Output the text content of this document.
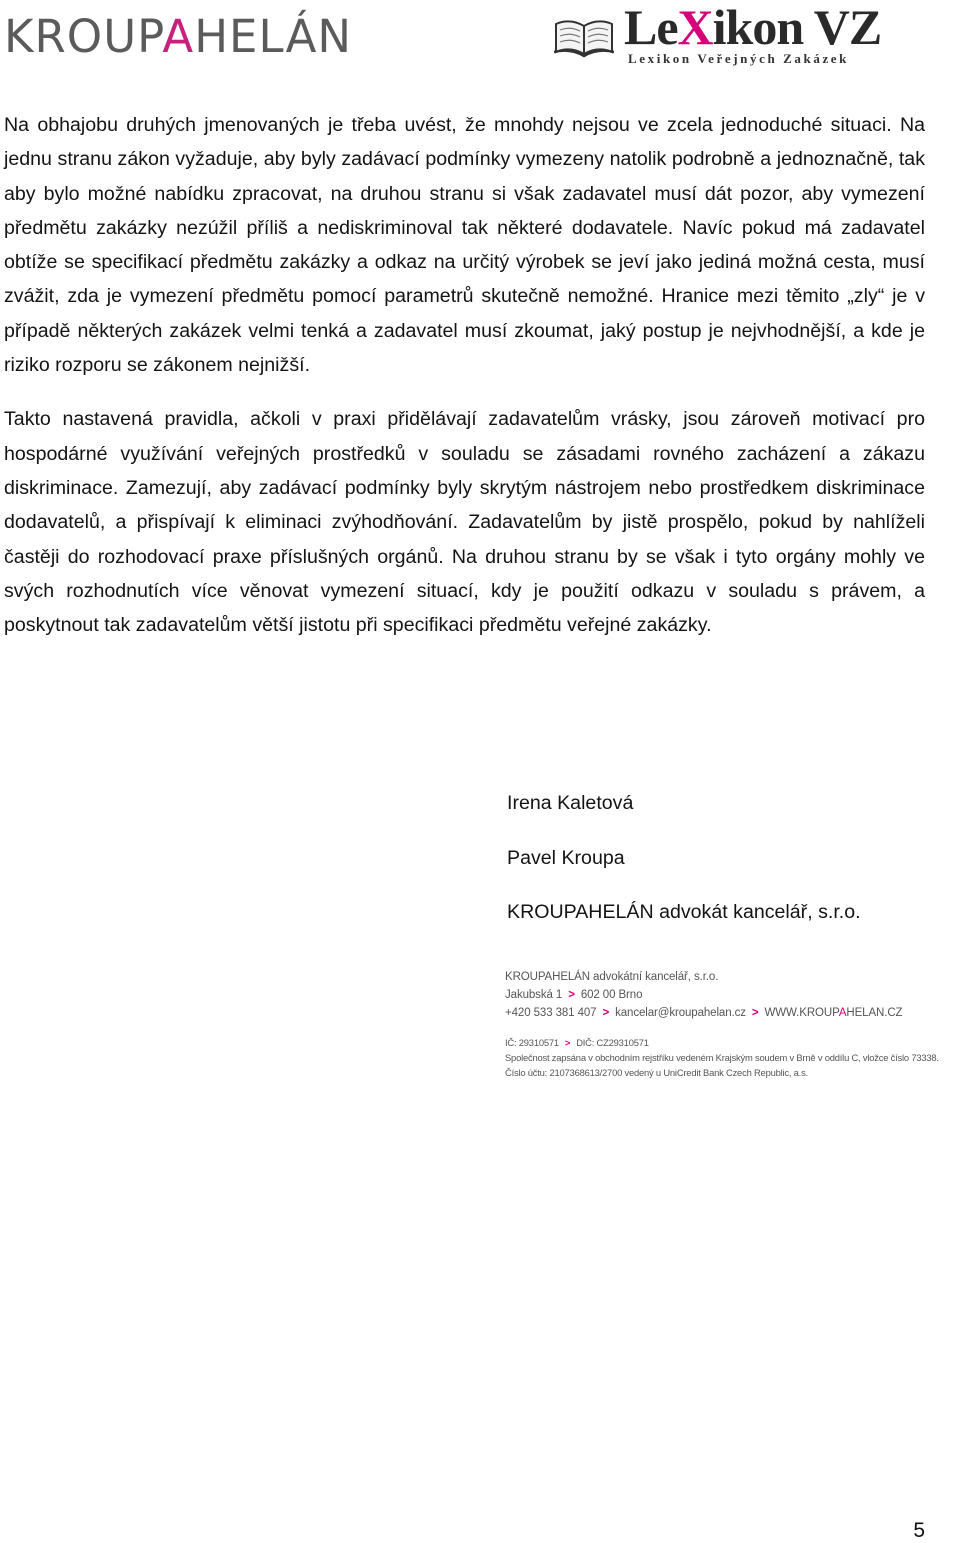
KROUPAHELÁN	LeXikon VZ
Lexikon Veřejných Zakázek

Na obhajobu druhých jmenovaných je třeba uvést, že mnohdy nejsou ve zcela jednoduché situaci. Na jednu stranu zákon vyžaduje, aby byly zadávací podmínky vymezeny natolik podrobně a jednoznačně, tak aby bylo možné nabídku zpracovat, na druhou stranu si však zadavatel musí dát pozor, aby vymezení předmětu zakázky nezúžil příliš a nediskriminoval tak některé dodavatele. Navíc pokud má zadavatel obtíže se specifikací předmětu zakázky a odkaz na určitý výrobek se jeví jako jediná možná cesta, musí zvážit, zda je vymezení předmětu pomocí parametrů skutečně nemožné. Hranice mezi těmito „zly“ je v případě některých zakázek velmi tenká a zadavatel musí zkoumat, jaký postup je nejvhodnější, a kde je riziko rozporu se zákonem nejnižší.

Takto nastavená pravidla, ačkoli v praxi přidělávají zadavatelům vrásky, jsou zároveň motivací pro hospodárné využívání veřejných prostředků v souladu se zásadami rovného zacházení a zákazu diskriminace. Zamezují, aby zadávací podmínky byly skrytým nástrojem nebo prostředkem diskriminace dodavatelů, a přispívají k eliminaci zvýhodňování. Zadavatelům by jistě prospělo, pokud by nahlíželi častěji do rozhodovací praxe příslušných orgánů. Na druhou stranu by se však i tyto orgány mohly ve svých rozhodnutích více věnovat vymezení situací, kdy je použití odkazu v souladu s právem, a poskytnout tak zadavatelům větší jistotu při specifikaci předmětu veřejné zakázky.

Irena Kaletová
Pavel Kroupa
KROUPAHELÁN advokát kancelář, s.r.o.
KROUPAHELÁN advokátní kancelář, s.r.o.
Jakubská 1 > 602 00 Brno
+420 533 381 407 > kancelar@kroupahelan.cz > WWW.KROUPAHELAN.CZ
IČ: 29310571 > DIČ: CZ29310571
Společnost zapsána v obchodním rejstříku vedeném Krajským soudem v Brně v oddílu C, vložce číslo 73338.
Číslo účtu: 2107368613/2700 vedený u UniCredit Bank Czech Republic, a.s.
5
